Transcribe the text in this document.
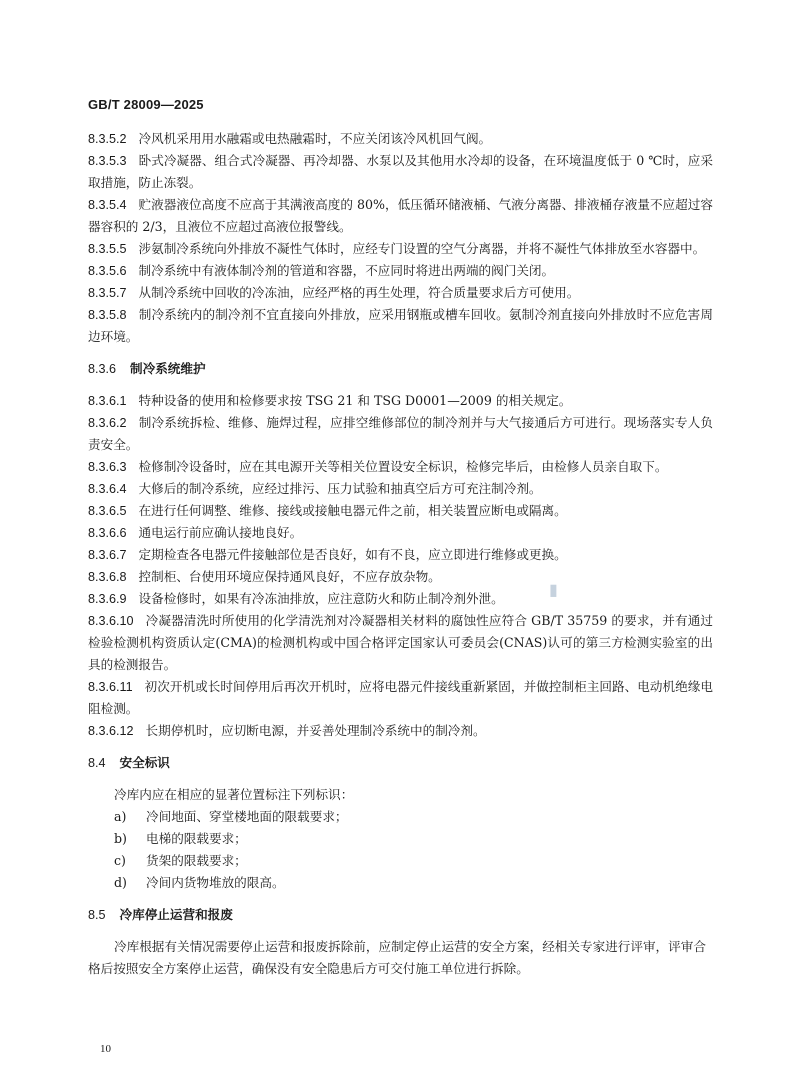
GB/T 28009—2025

8.3.5.2 冷风机采用用水融霜或电热融霜时，不应关闭该冷风机回气阀。

8.3.5.3 卧式冷凝器、组合式冷凝器、再冷却器、水泵以及其他用水冷却的设备，在环境温度低于 0 ℃时，应采取措施，防止冻裂。

8.3.5.4 贮液器液位高度不应高于其满液高度的 80%，低压循环储液桶、气液分离器、排液桶存液量不应超过容器容积的 2/3，且液位不应超过高液位报警线。

8.3.5.5 涉氨制冷系统向外排放不凝性气体时，应经专门设置的空气分离器，并将不凝性气体排放至水容器中。

8.3.5.6 制冷系统中有液体制冷剂的管道和容器，不应同时将进出两端的阀门关闭。

8.3.5.7 从制冷系统中回收的冷冻油，应经严格的再生处理，符合质量要求后方可使用。

8.3.5.8 制冷系统内的制冷剂不宜直接向外排放，应采用钢瓶或槽车回收。氨制冷剂直接向外排放时不应危害周边环境。

8.3.6 制冷系统维护

8.3.6.1 特种设备的使用和检修要求按 TSG 21 和 TSG D0001—2009 的相关规定。

8.3.6.2 制冷系统拆检、维修、施焊过程，应排空维修部位的制冷剂并与大气接通后方可进行。现场落实专人负责安全。

8.3.6.3 检修制冷设备时，应在其电源开关等相关位置设安全标识，检修完毕后，由检修人员亲自取下。

8.3.6.4 大修后的制冷系统，应经过排污、压力试验和抽真空后方可充注制冷剂。

8.3.6.5 在进行任何调整、维修、接线或接触电器元件之前，相关装置应断电或隔离。

8.3.6.6 通电运行前应确认接地良好。

8.3.6.7 定期检查各电器元件接触部位是否良好，如有不良，应立即进行维修或更换。

8.3.6.8 控制柜、台使用环境应保持通风良好，不应存放杂物。

8.3.6.9 设备检修时，如果有冷冻油排放，应注意防火和防止制冷剂外泄。

8.3.6.10 冷凝器清洗时所使用的化学清洗剂对冷凝器相关材料的腐蚀性应符合 GB/T 35759 的要求，并有通过检验检测机构资质认定(CMA)的检测机构或中国合格评定国家认可委员会(CNAS)认可的第三方检测实验室的出具的检测报告。

8.3.6.11 初次开机或长时间停用后再次开机时，应将电器元件接线重新紧固，并做控制柜主回路、电动机绝缘电阻检测。

8.3.6.12 长期停机时，应切断电源，并妥善处理制冷系统中的制冷剂。

8.4 安全标识

冷库内应在相应的显著位置标注下列标识：

a) 冷间地面、穿堂楼地面的限载要求；

b) 电梯的限载要求；

c) 货架的限载要求；

d) 冷间内货物堆放的限高。

8.5 冷库停止运营和报废

冷库根据有关情况需要停止运营和报废拆除前，应制定停止运营的安全方案，经相关专家进行评审，评审合格后按照安全方案停止运营，确保没有安全隐患后方可交付施工单位进行拆除。

▮
10
